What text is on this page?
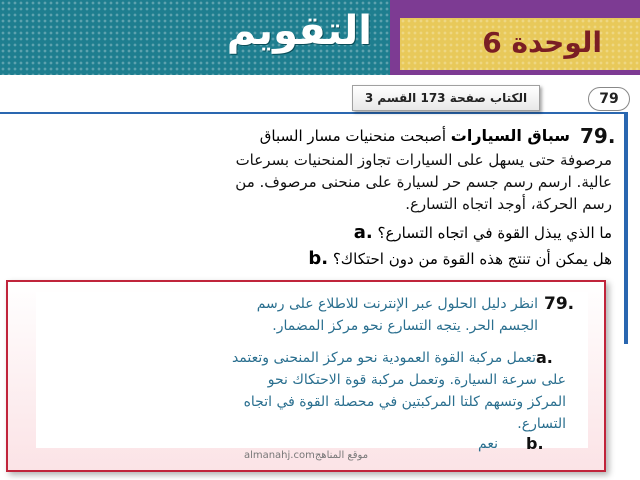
التقويم	الوحدة 6
الكتاب صفحة 173 القسم 3	79
79.
سباق السيارات أصبحت منحنيات مسار السباق
مرصوفة حتى يسهل على السيارات تجاوز المنحنيات بسرعات
عالية. ارسم رسم جسم حر لسيارة على منحنى مرصوف. من
رسم الحركة، أوجد اتجاه التسارع.
ما الذي يبذل القوة في اتجاه التسارع؟ a.
هل يمكن أن تنتج هذه القوة من دون احتكاك؟ b.
79.
انظر دليل الحلول عبر الإنترنت للاطلاع على رسم
الجسم الحر. يتجه التسارع نحو مركز المضمار.
a.
تعمل مركبة القوة العمودية نحو مركز المنحنى وتعتمد
على سرعة السيارة. وتعمل مركبة قوة الاحتكاك نحو
المركز وتسهم كلتا المركبتين في محصلة القوة في اتجاه
التسارع.
b.
نعم
almanahj.comموقع المناهج
